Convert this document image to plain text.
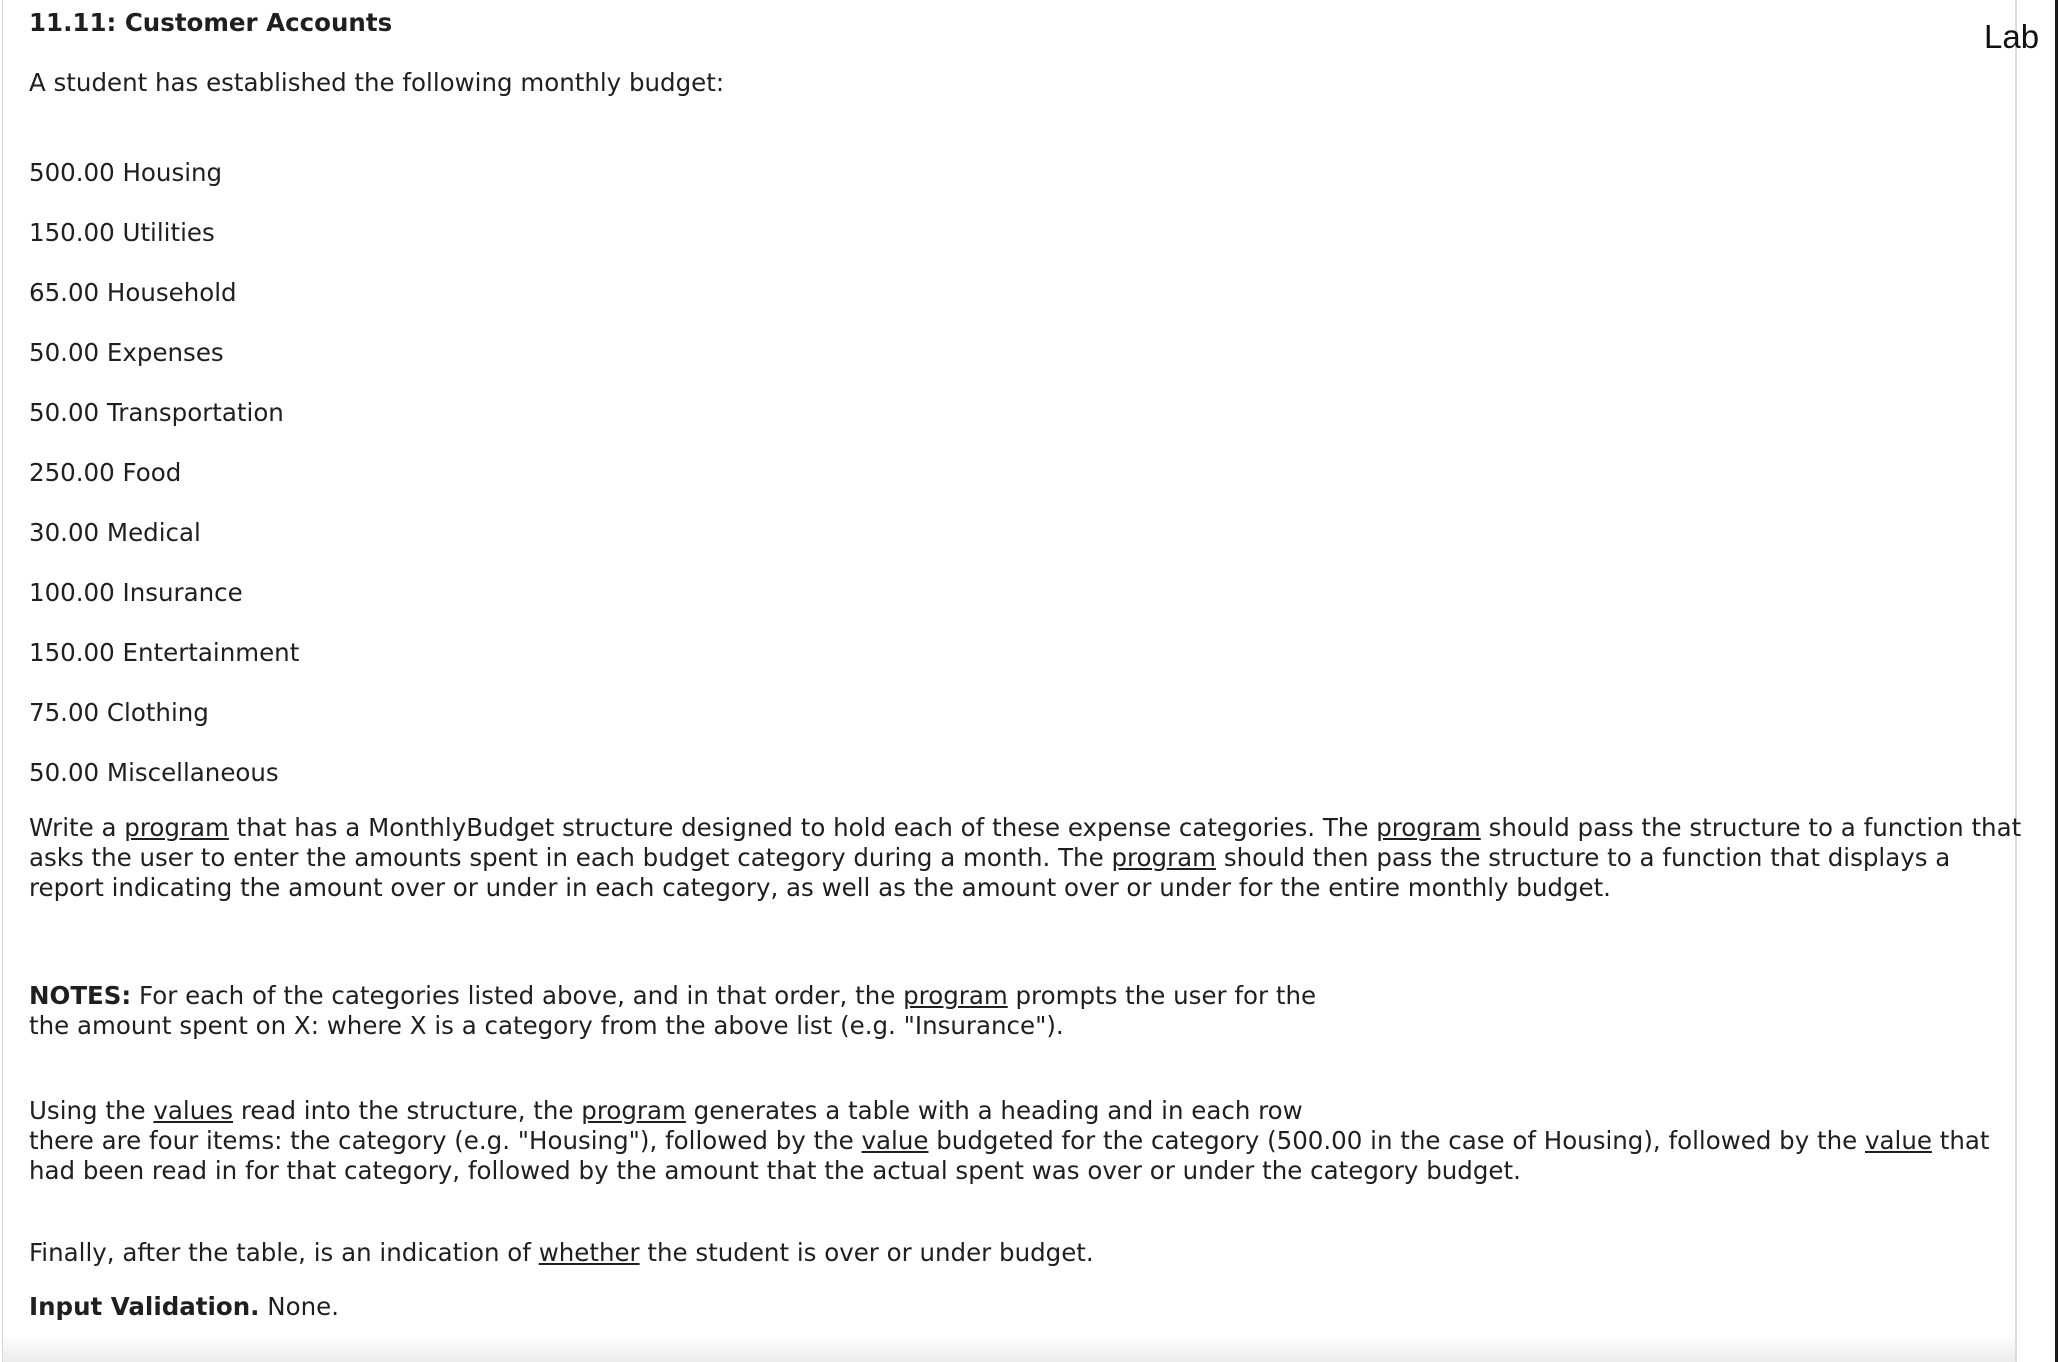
Lab
11.11: Customer Accounts
A student has established the following monthly budget:
500.00 Housing
150.00 Utilities
65.00 Household
50.00 Expenses
50.00 Transportation
250.00 Food
30.00 Medical
100.00 Insurance
150.00 Entertainment
75.00 Clothing
50.00 Miscellaneous
Write a program that has a MonthlyBudget structure designed to hold each of these expense categories. The program should pass the structure to a function that
asks the user to enter the amounts spent in each budget category during a month. The program should then pass the structure to a function that displays a
report indicating the amount over or under in each category, as well as the amount over or under for the entire monthly budget.
NOTES: For each of the categories listed above, and in that order, the program prompts the user for the
the amount spent on X: where X is a category from the above list (e.g. "Insurance").
Using the values read into the structure, the program generates a table with a heading and in each row
there are four items: the category (e.g. "Housing"), followed by the value budgeted for the category (500.00 in the case of Housing), followed by the value that
had been read in for that category, followed by the amount that the actual spent was over or under the category budget.
Finally, after the table, is an indication of whether the student is over or under budget.
Input Validation. None.
